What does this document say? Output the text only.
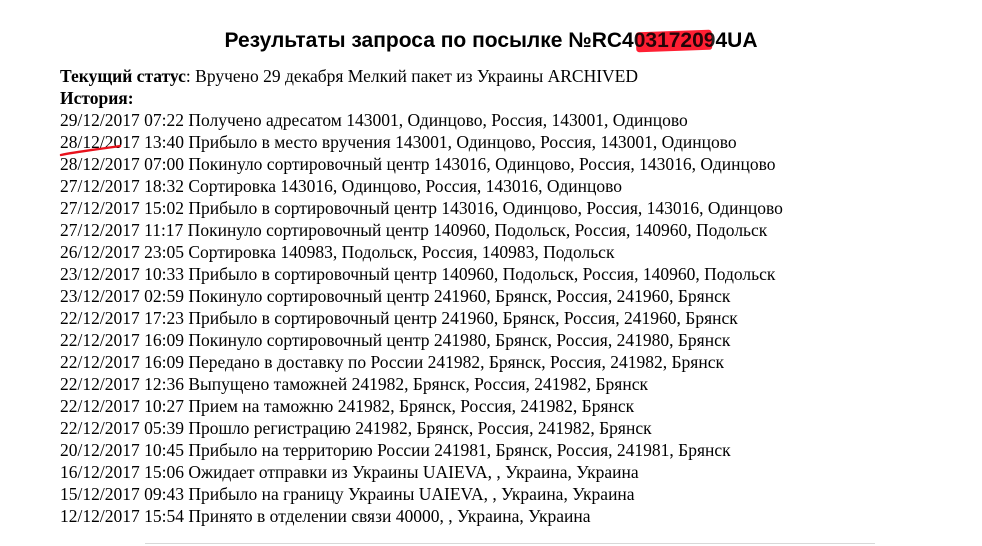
Результаты запроса по посылке №RC4
03172094UA
Текущий статус: Вручено 29 декабря Мелкий пакет из Украины ARCHIVED
История:
29/12/2017 07:22 Получено адресатом 143001, Одинцово, Россия, 143001, Одинцово
28/12/2017 13:40 Прибыло в место вручения 143001, Одинцово, Россия, 143001, Одинцово
28/12/2017 07:00 Покинуло сортировочный центр 143016, Одинцово, Россия, 143016, Одинцово
27/12/2017 18:32 Сортировка 143016, Одинцово, Россия, 143016, Одинцово
27/12/2017 15:02 Прибыло в сортировочный центр 143016, Одинцово, Россия, 143016, Одинцово
27/12/2017 11:17 Покинуло сортировочный центр 140960, Подольск, Россия, 140960, Подольск
26/12/2017 23:05 Сортировка 140983, Подольск, Россия, 140983, Подольск
23/12/2017 10:33 Прибыло в сортировочный центр 140960, Подольск, Россия, 140960, Подольск
23/12/2017 02:59 Покинуло сортировочный центр 241960, Брянск, Россия, 241960, Брянск
22/12/2017 17:23 Прибыло в сортировочный центр 241960, Брянск, Россия, 241960, Брянск
22/12/2017 16:09 Покинуло сортировочный центр 241980, Брянск, Россия, 241980, Брянск
22/12/2017 16:09 Передано в доставку по России 241982, Брянск, Россия, 241982, Брянск
22/12/2017 12:36 Выпущено таможней 241982, Брянск, Россия, 241982, Брянск
22/12/2017 10:27 Прием на таможню 241982, Брянск, Россия, 241982, Брянск
22/12/2017 05:39 Прошло регистрацию 241982, Брянск, Россия, 241982, Брянск
20/12/2017 10:45 Прибыло на территорию России 241981, Брянск, Россия, 241981, Брянск
16/12/2017 15:06 Ожидает отправки из Украины UAIEVA, , Украина, Украина
15/12/2017 09:43 Прибыло на границу Украины UAIEVA, , Украина, Украина
12/12/2017 15:54 Принято в отделении связи 40000, , Украина, Украина
